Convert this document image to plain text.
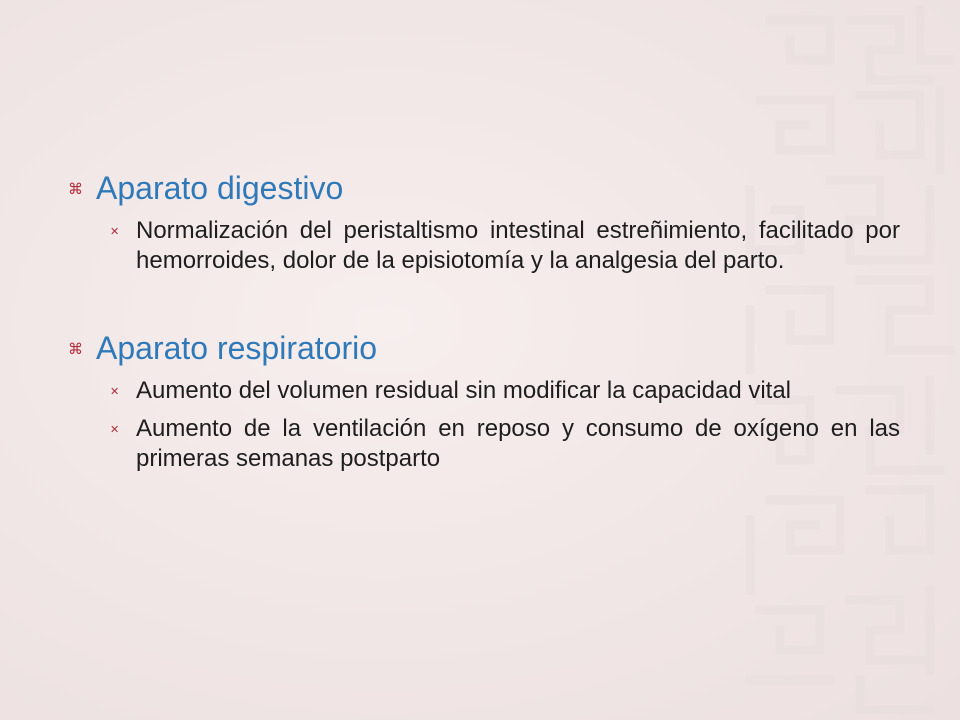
⌘ Aparato digestivo
✕ Normalización del peristaltismo intestinal estreñimiento, facilitado por hemorroides, dolor de la episiotomía y la analgesia del parto.
⌘ Aparato respiratorio
✕ Aumento del volumen residual sin modificar la capacidad vital
✕ Aumento de la ventilación en reposo y consumo de oxígeno en las primeras semanas postparto
